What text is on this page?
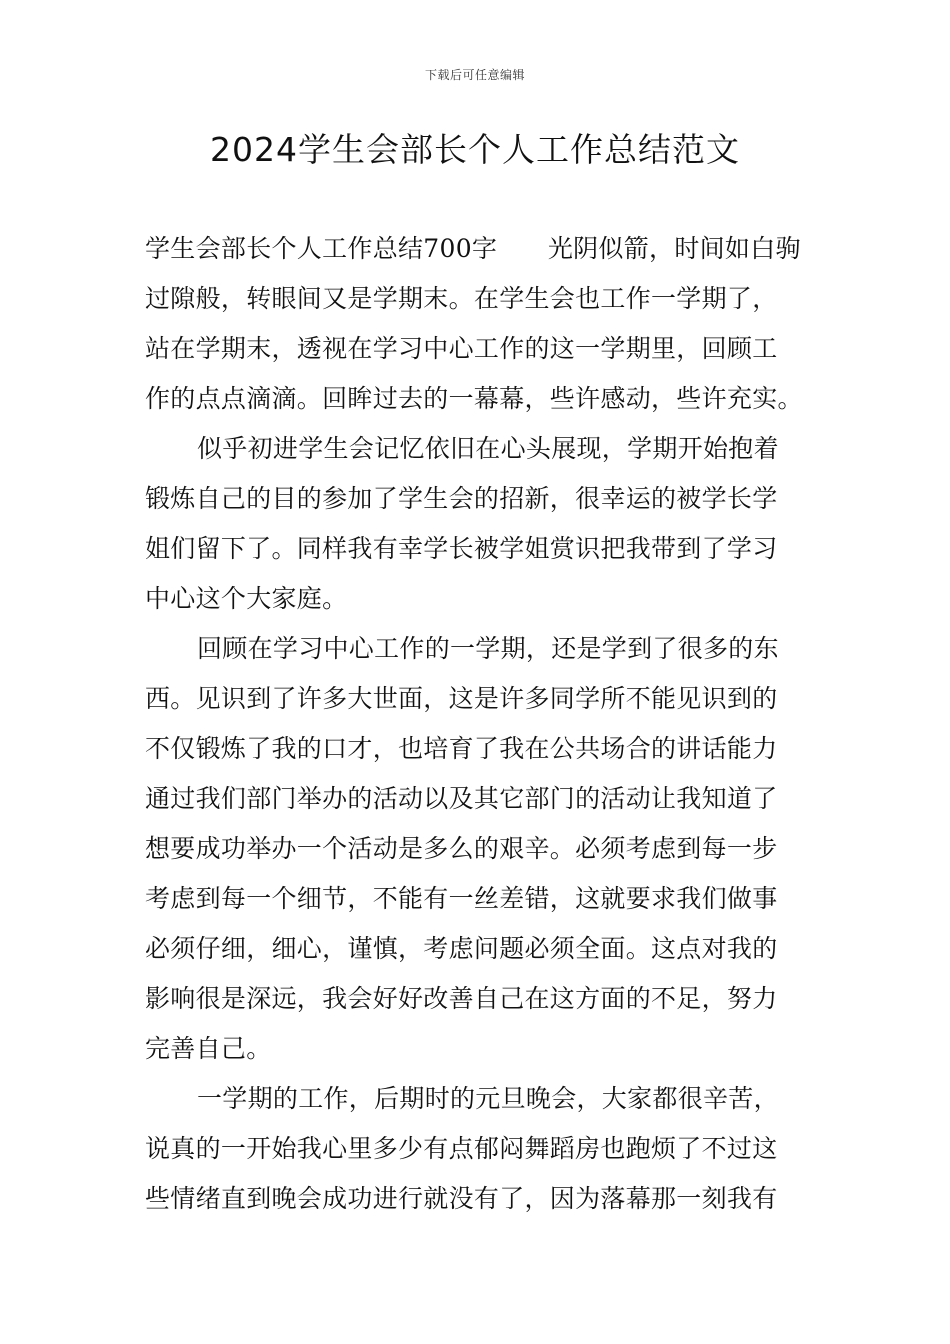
下载后可任意编辑
2024学生会部长个人工作总结范文
学生会部长个人工作总结700字　　光阴似箭，时间如白驹
过隙般，转眼间又是学期末。在学生会也工作一学期了，
站在学期末，透视在学习中心工作的这一学期里，回顾工
作的点点滴滴。回眸过去的一幕幕，些许感动，些许充实。
似乎初进学生会记忆依旧在心头展现，学期开始抱着
锻炼自己的目的参加了学生会的招新，很幸运的被学长学
姐们留下了。同样我有幸学长被学姐赏识把我带到了学习
中心这个大家庭。
回顾在学习中心工作的一学期，还是学到了很多的东
西。见识到了许多大世面，这是许多同学所不能见识到的
不仅锻炼了我的口才，也培育了我在公共场合的讲话能力
通过我们部门举办的活动以及其它部门的活动让我知道了
想要成功举办一个活动是多么的艰辛。必须考虑到每一步
考虑到每一个细节，不能有一丝差错，这就要求我们做事
必须仔细，细心，谨慎，考虑问题必须全面。这点对我的
影响很是深远，我会好好改善自己在这方面的不足，努力
完善自己。
一学期的工作，后期时的元旦晚会，大家都很辛苦，
说真的一开始我心里多少有点郁闷舞蹈房也跑烦了不过这
些情绪直到晚会成功进行就没有了，因为落幕那一刻我有
